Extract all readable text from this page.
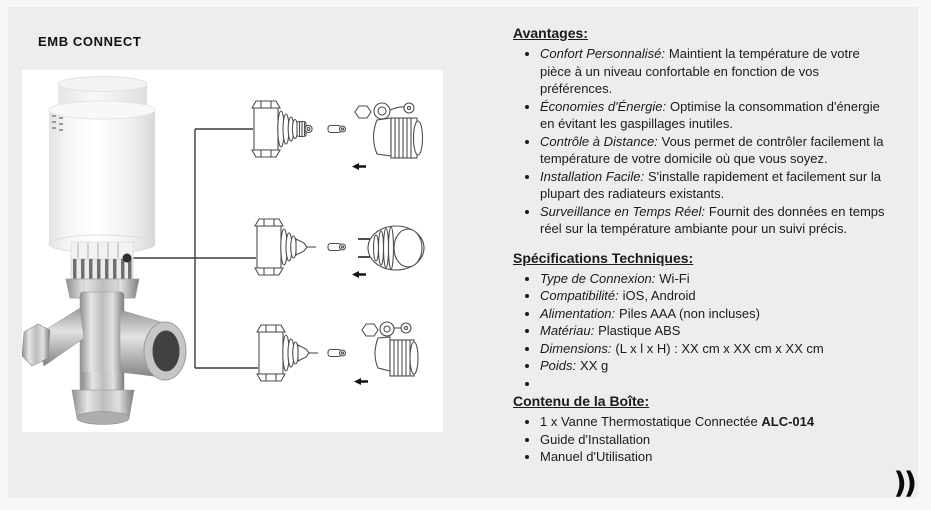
EMB CONNECT
Avantages:
• Confort Personnalisé: Maintient la température de votre pièce à un niveau confortable en fonction de vos préférences.
• Économies d'Énergie: Optimise la consommation d'énergie en évitant les gaspillages inutiles.
• Contrôle à Distance: Vous permet de contrôler facilement la température de votre domicile où que vous soyez.
• Installation Facile: S'installe rapidement et facilement sur la plupart des radiateurs existants.
• Surveillance en Temps Réel: Fournit des données en temps réel sur la température ambiante pour un suivi précis.
Spécifications Techniques:
• Type de Connexion: Wi-Fi
• Compatibilité: iOS, Android
• Alimentation: Piles AAA (non incluses)
• Matériau: Plastique ABS
• Dimensions: (L x l x H) : XX cm x XX cm x XX cm
• Poids: XX g
•
Contenu de la Boîte:
• 1 x Vanne Thermostatique Connectée ALC-014
• Guide d'Installation
• Manuel d'Utilisation
))
